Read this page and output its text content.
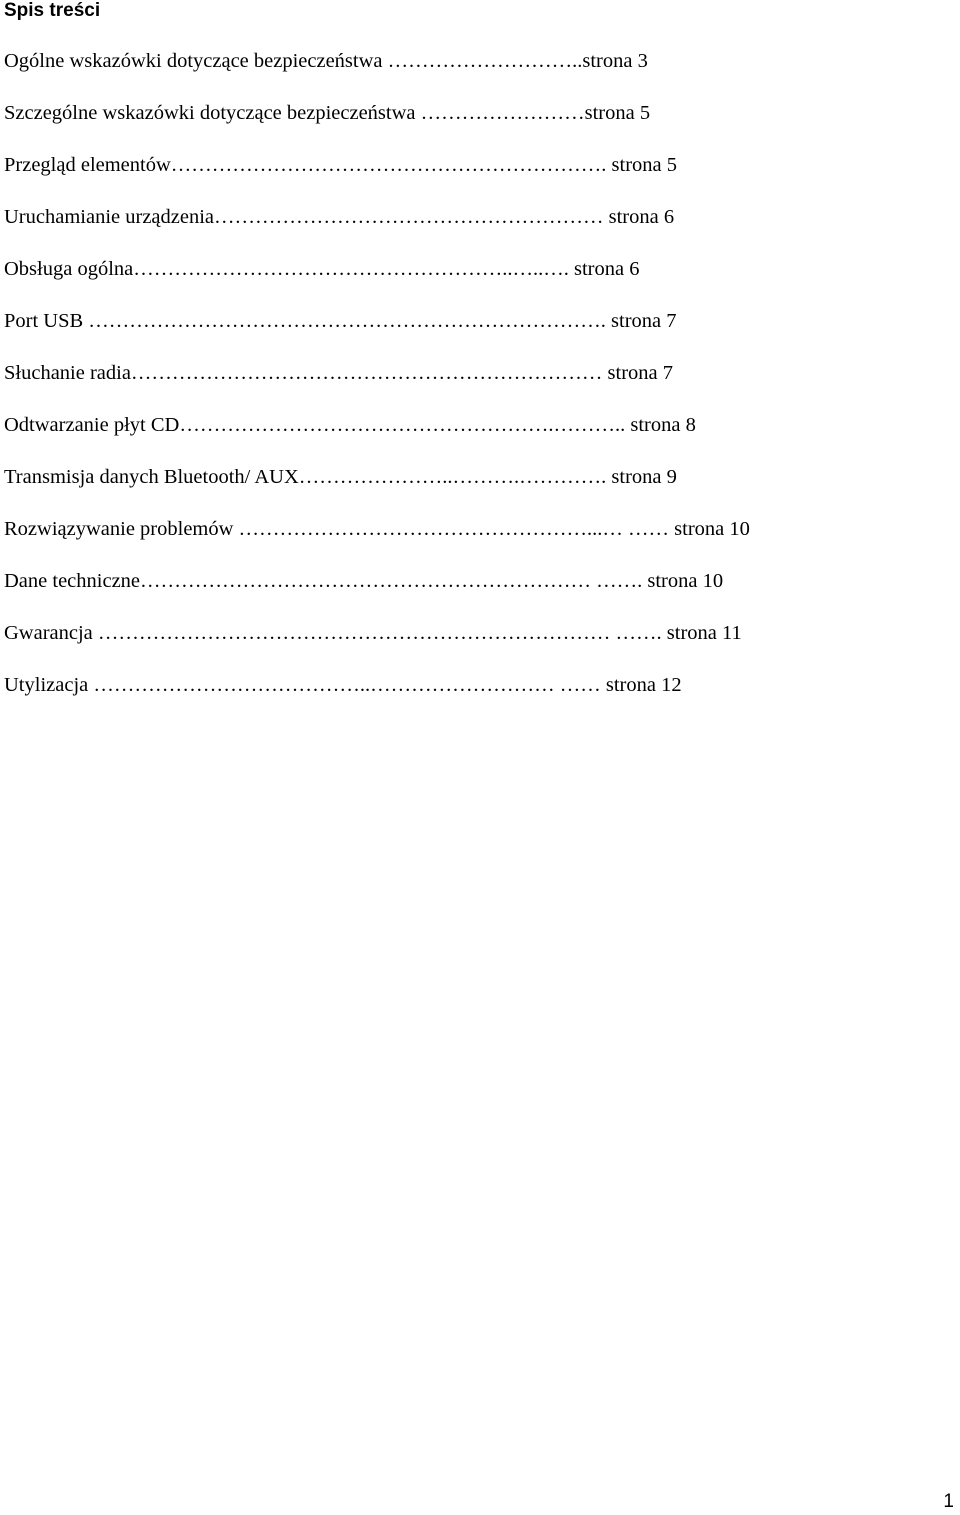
Spis treści
Ogólne wskazówki dotyczące bezpieczeństwa ………………………..strona 3
Szczególne wskazówki dotyczące bezpieczeństwa ……………………strona 5
Przegląd elementów………………………………………………………. strona 5
Uruchamianie urządzenia………………………………………………… strona 6
Obsługa ogólna………………………………………………..…..…. strona 6
Port USB …………………………………………………………………. strona 7
Słuchanie radia…………………………………………………………… strona 7
Odtwarzanie płyt CD……………………………………………….……….. strona 8
Transmisja danych Bluetooth/ AUX…………………..……….…………. strona 9
Rozwiązywanie problemów ……………………………………………...… …… strona 10
Dane techniczne………………………………………………………… ……. strona 10
Gwarancja ………………………………………………………………… ……. strona 11
Utylizacja …………………………………..……………………… …… strona 12
1
